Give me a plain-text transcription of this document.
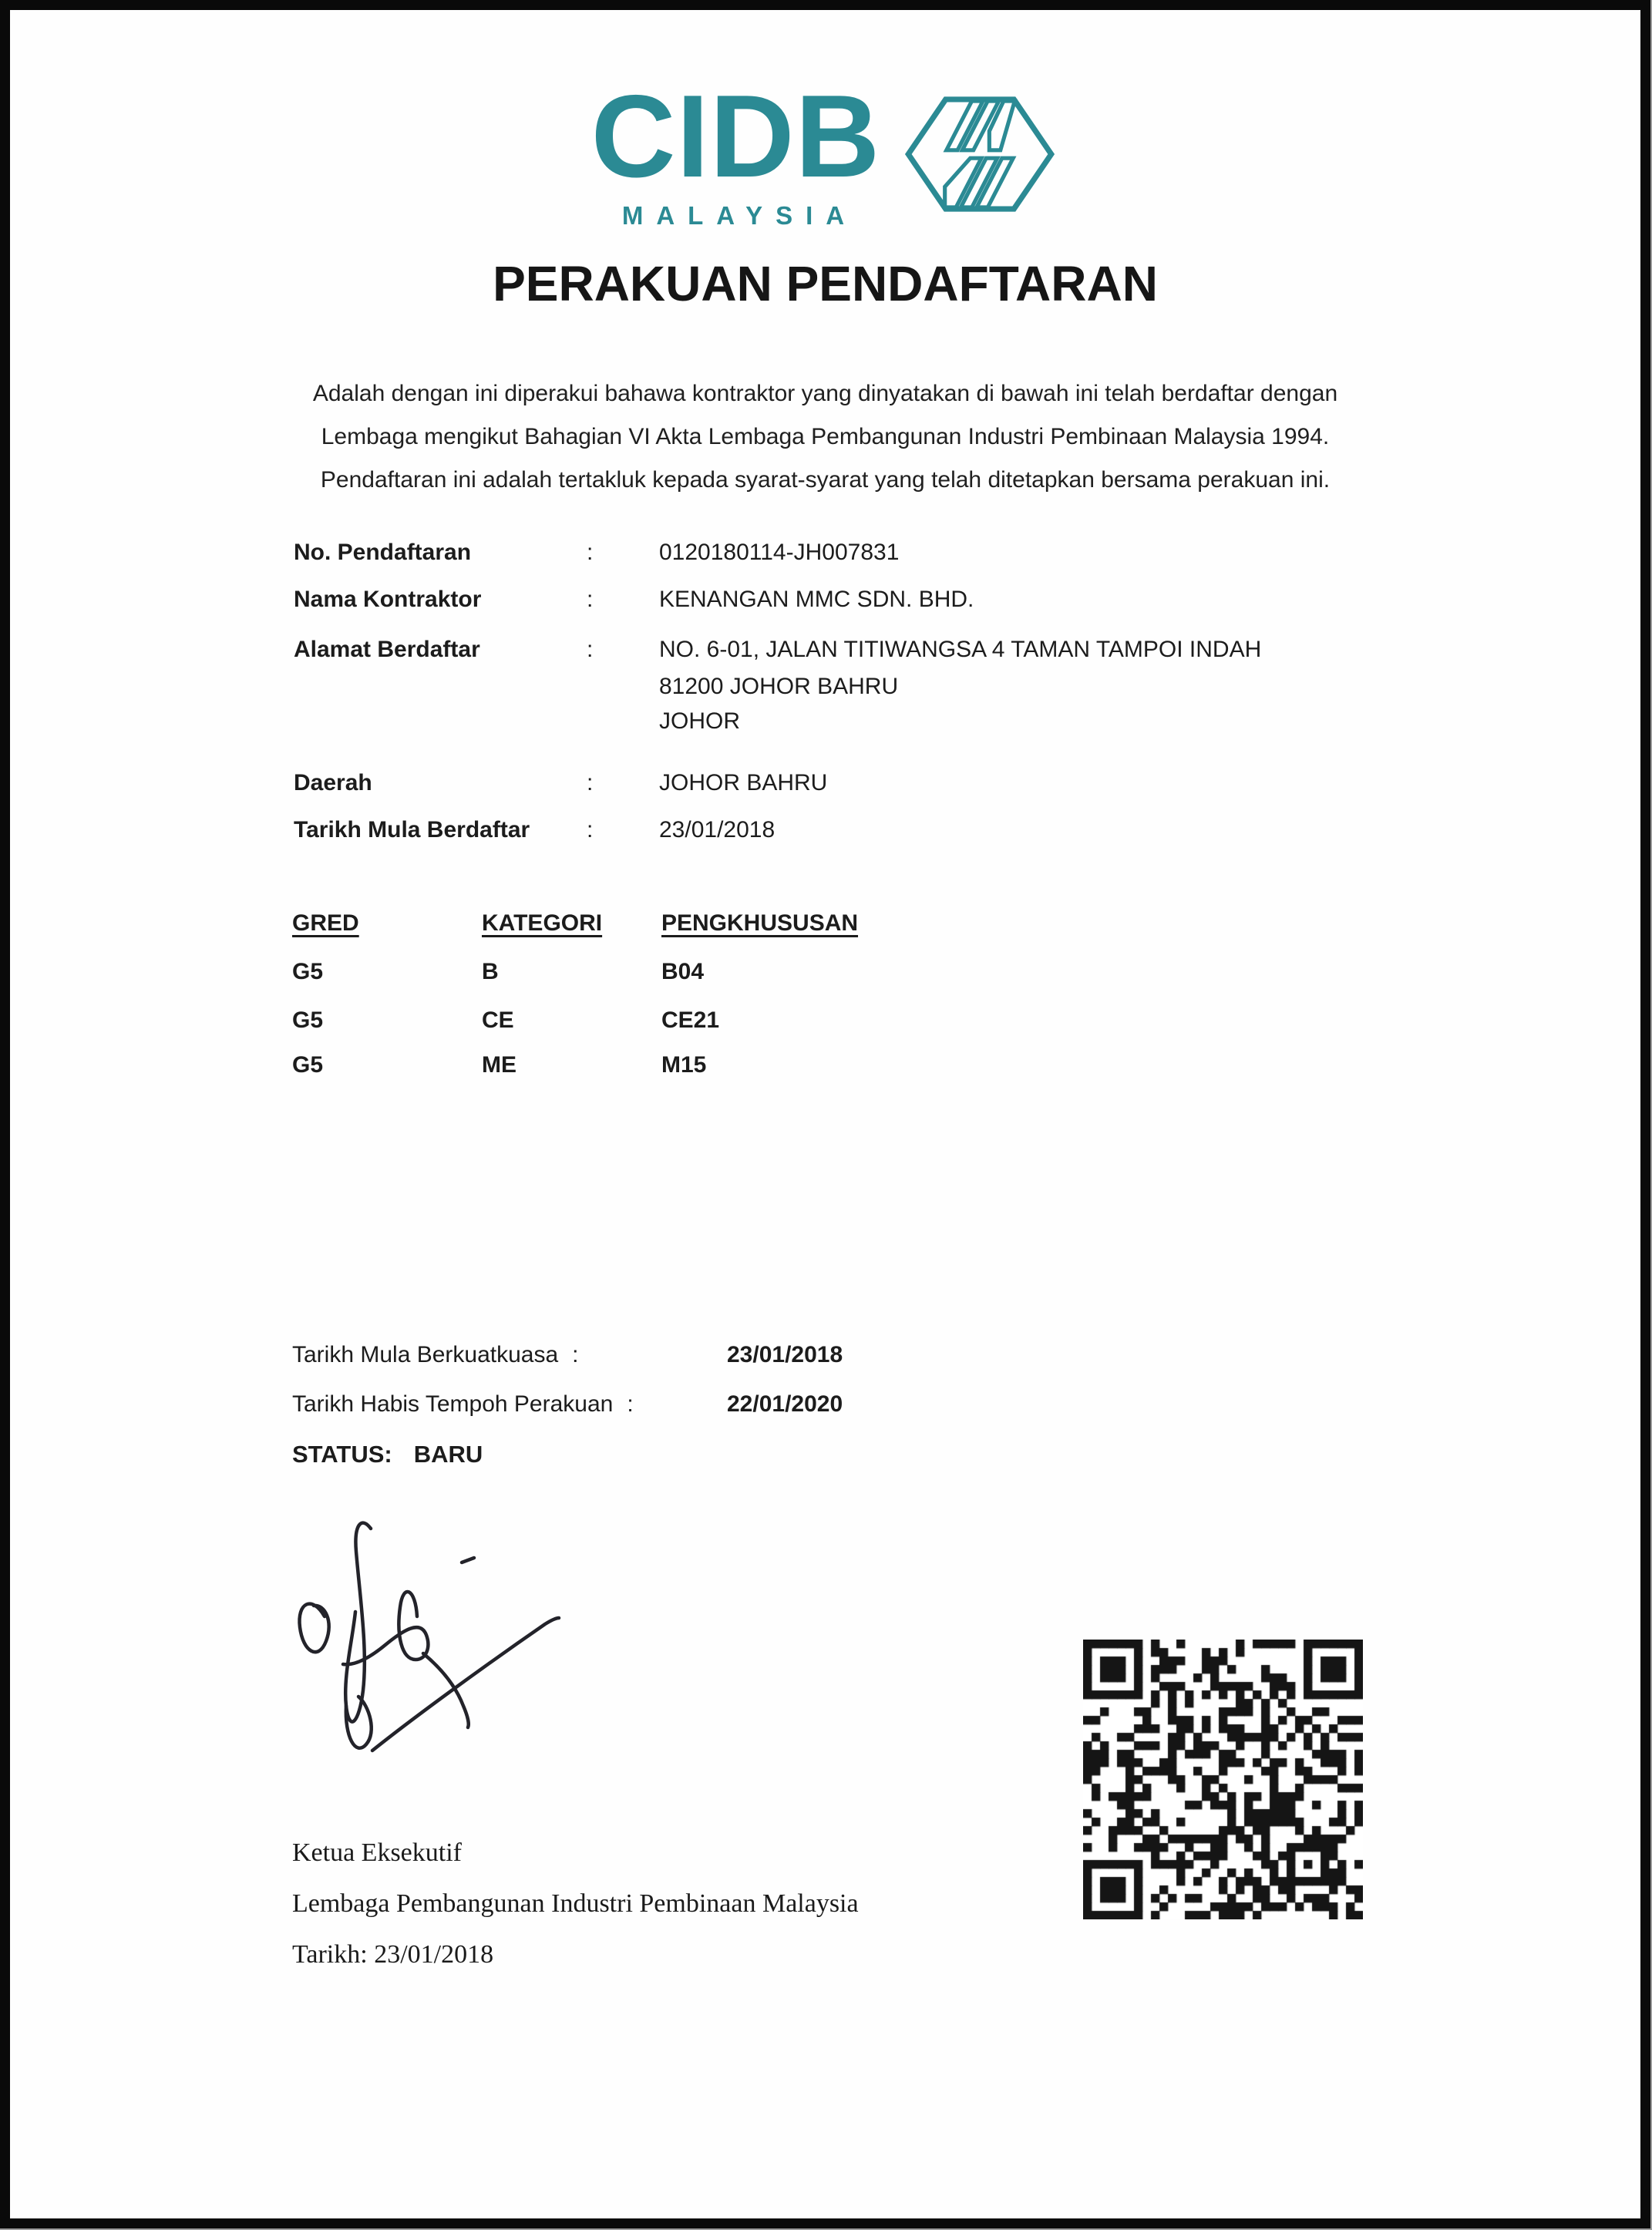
CIDB
MALAYSIA
PERAKUAN PENDAFTARAN
Adalah dengan ini diperakui bahawa kontraktor yang dinyatakan di bawah ini telah berdaftar dengan
Lembaga mengikut Bahagian VI Akta Lembaga Pembangunan Industri Pembinaan Malaysia 1994.
Pendaftaran ini adalah tertakluk kepada syarat-syarat yang telah ditetapkan bersama perakuan ini.
No. Pendaftaran	:	0120180114-JH007831
Nama Kontraktor	:	KENANGAN MMC SDN. BHD.
Alamat Berdaftar	:	NO. 6-01, JALAN TITIWANGSA 4 TAMAN TAMPOI INDAH
81200 JOHOR BAHRU
JOHOR
Daerah	:	JOHOR BAHRU
Tarikh Mula Berdaftar :	23/01/2018
GRED	KATEGORI	PENGKHUSUSAN
G5	B	B04
G5	CE	CE21
G5	ME	M15
Tarikh Mula Berkuatkuasa :	23/01/2018
Tarikh Habis Tempoh Perakuan :	22/01/2020
STATUS: BARU
Ketua Eksekutif
Lembaga Pembangunan Industri Pembinaan Malaysia
Tarikh: 23/01/2018
